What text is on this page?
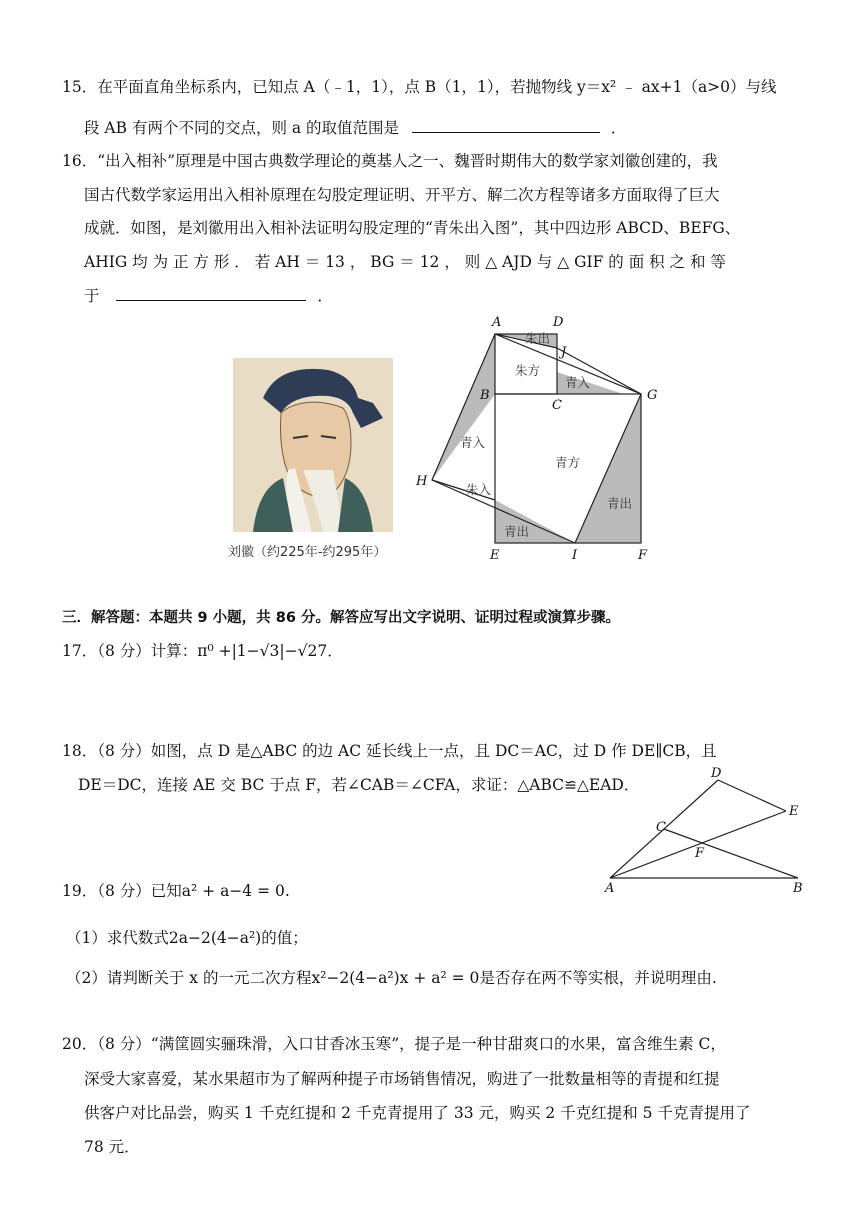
15．在平面直角坐标系内，已知点 A（﹣1，1），点 B（1，1），若抛物线 y＝x² ﹣ ax+1（a>0）与线
段 AB 有两个不同的交点，则 a 的取值范围是	．
16．“出入相补”原理是中国古典数学理论的奠基人之一、魏晋时期伟大的数学家刘徽创建的，我
国古代数学家运用出入相补原理在勾股定理证明、开平方、解二次方程等诸多方面取得了巨大
成就．如图，是刘徽用出入相补法证明勾股定理的“青朱出入图”，其中四边形 ABCD、BEFG、
AHIG 均 为 正 方 形 ． 若 AH ＝ 13 ， BG ＝ 12 ， 则 △ AJD 与 △ GIF 的 面 积 之 和 等
于	．
刘徽（约225年-约295年）
A	D
J
B
C
G
H
E	I	F
朱出
朱方
青入
青入
青方
朱入
青出
青出
三．解答题：本题共 9 小题，共 86 分。解答应写出文字说明、证明过程或演算步骤。
17．（8 分）计算：π⁰ +|1−√3|−√27．
18．（8 分）如图，点 D 是△ABC 的边 AC 延长线上一点，且 DC＝AC，过 D 作 DE∥CB，且
DE＝DC，连接 AE 交 BC 于点 F，若∠CAB＝∠CFA，求证：△ABC≌△EAD．
D
E
C
F
A	B
19．（8 分）已知a² + a−4 = 0.
（1）求代数式2a−2(4−a²)的值；
（2）请判断关于 x 的一元二次方程x²−2(4−a²)x + a² = 0是否存在两不等实根，并说明理由.
20．（8 分）“满筐圆实骊珠滑，入口甘香冰玉寒”，提子是一种甘甜爽口的水果，富含维生素 C，
深受大家喜爱，某水果超市为了解两种提子市场销售情况，购进了一批数量相等的青提和红提
供客户对比品尝，购买 1 千克红提和 2 千克青提用了 33 元，购买 2 千克红提和 5 千克青提用了
78 元．
